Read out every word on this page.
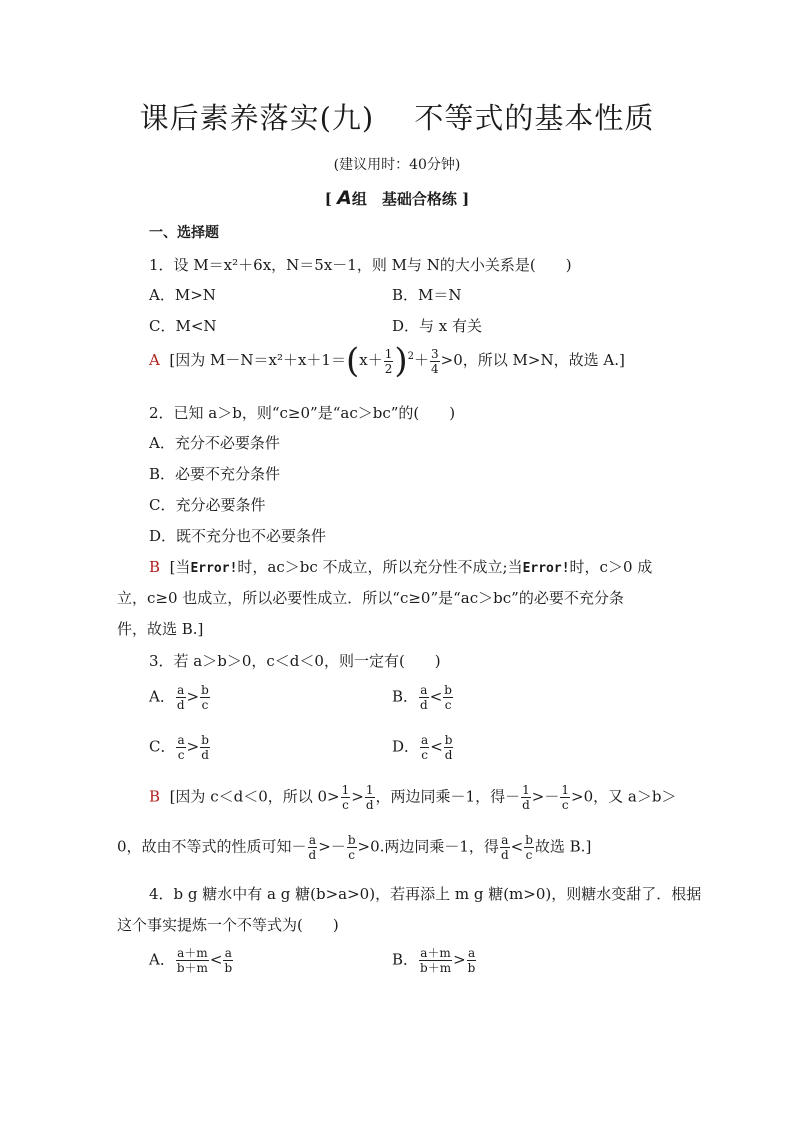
课后素养落实(九)　 不等式的基本性质
(建议用时：40分钟)
[ A组　基础合格练 ]
一、选择题
1．设 M＝x²＋6x，N＝5x－1，则 M与 N的大小关系是(　　)
A．M>N	B．M＝N
C．M<N	D．与 x 有关
A [因为 $M-N=x^2+x+1=(x+ \frac{1}{2} )^2+ \frac{3}{4} >0$，所以 M>N，故选 A.]
2．已知 a＞b，则“c≥0”是“ac＞bc”的(　　)
A．充分不必要条件
B．必要不充分条件
C．充分必要条件
D．既不充分也不必要条件
B [当Error!时，ac＞bc 不成立，所以充分性不成立;当Error!时，c＞0 成
立，c≥0 也成立，所以必要性成立．所以“c≥0”是“ac＞bc”的必要不充分条
件，故选 B.]
3．若 a＞b＞0，c＜d＜0，则一定有(　　)
A． $\frac{a}{d} > \frac{b}{c}$	B． $\frac{a}{d} < \frac{b}{c}$
C． $\frac{a}{c} > \frac{b}{d}$	D． $\frac{a}{c} < \frac{b}{d}$
B [因为 c＜d＜0，所以 $0> \frac{1}{c} > \frac{1}{d}$ ，两边同乘－1，得－ $\frac{1}{d} >- \frac{1}{c} >0$，又 a＞b＞
0，故由不等式的性质可知－ $\frac{a}{d} >- \frac{b}{c} >0$.两边同乘－1，得 $\frac{a}{d} < \frac{b}{c}$ 故选 B.]
4．b g 糖水中有 a g 糖(b>a>0)，若再添上 m g 糖(m>0)，则糖水变甜了．根据
这个事实提炼一个不等式为(　　)
A． $\frac{a+m}{b+m} < \frac{a}{b}$	B． $\frac{a+m}{b+m} > \frac{a}{b}$
